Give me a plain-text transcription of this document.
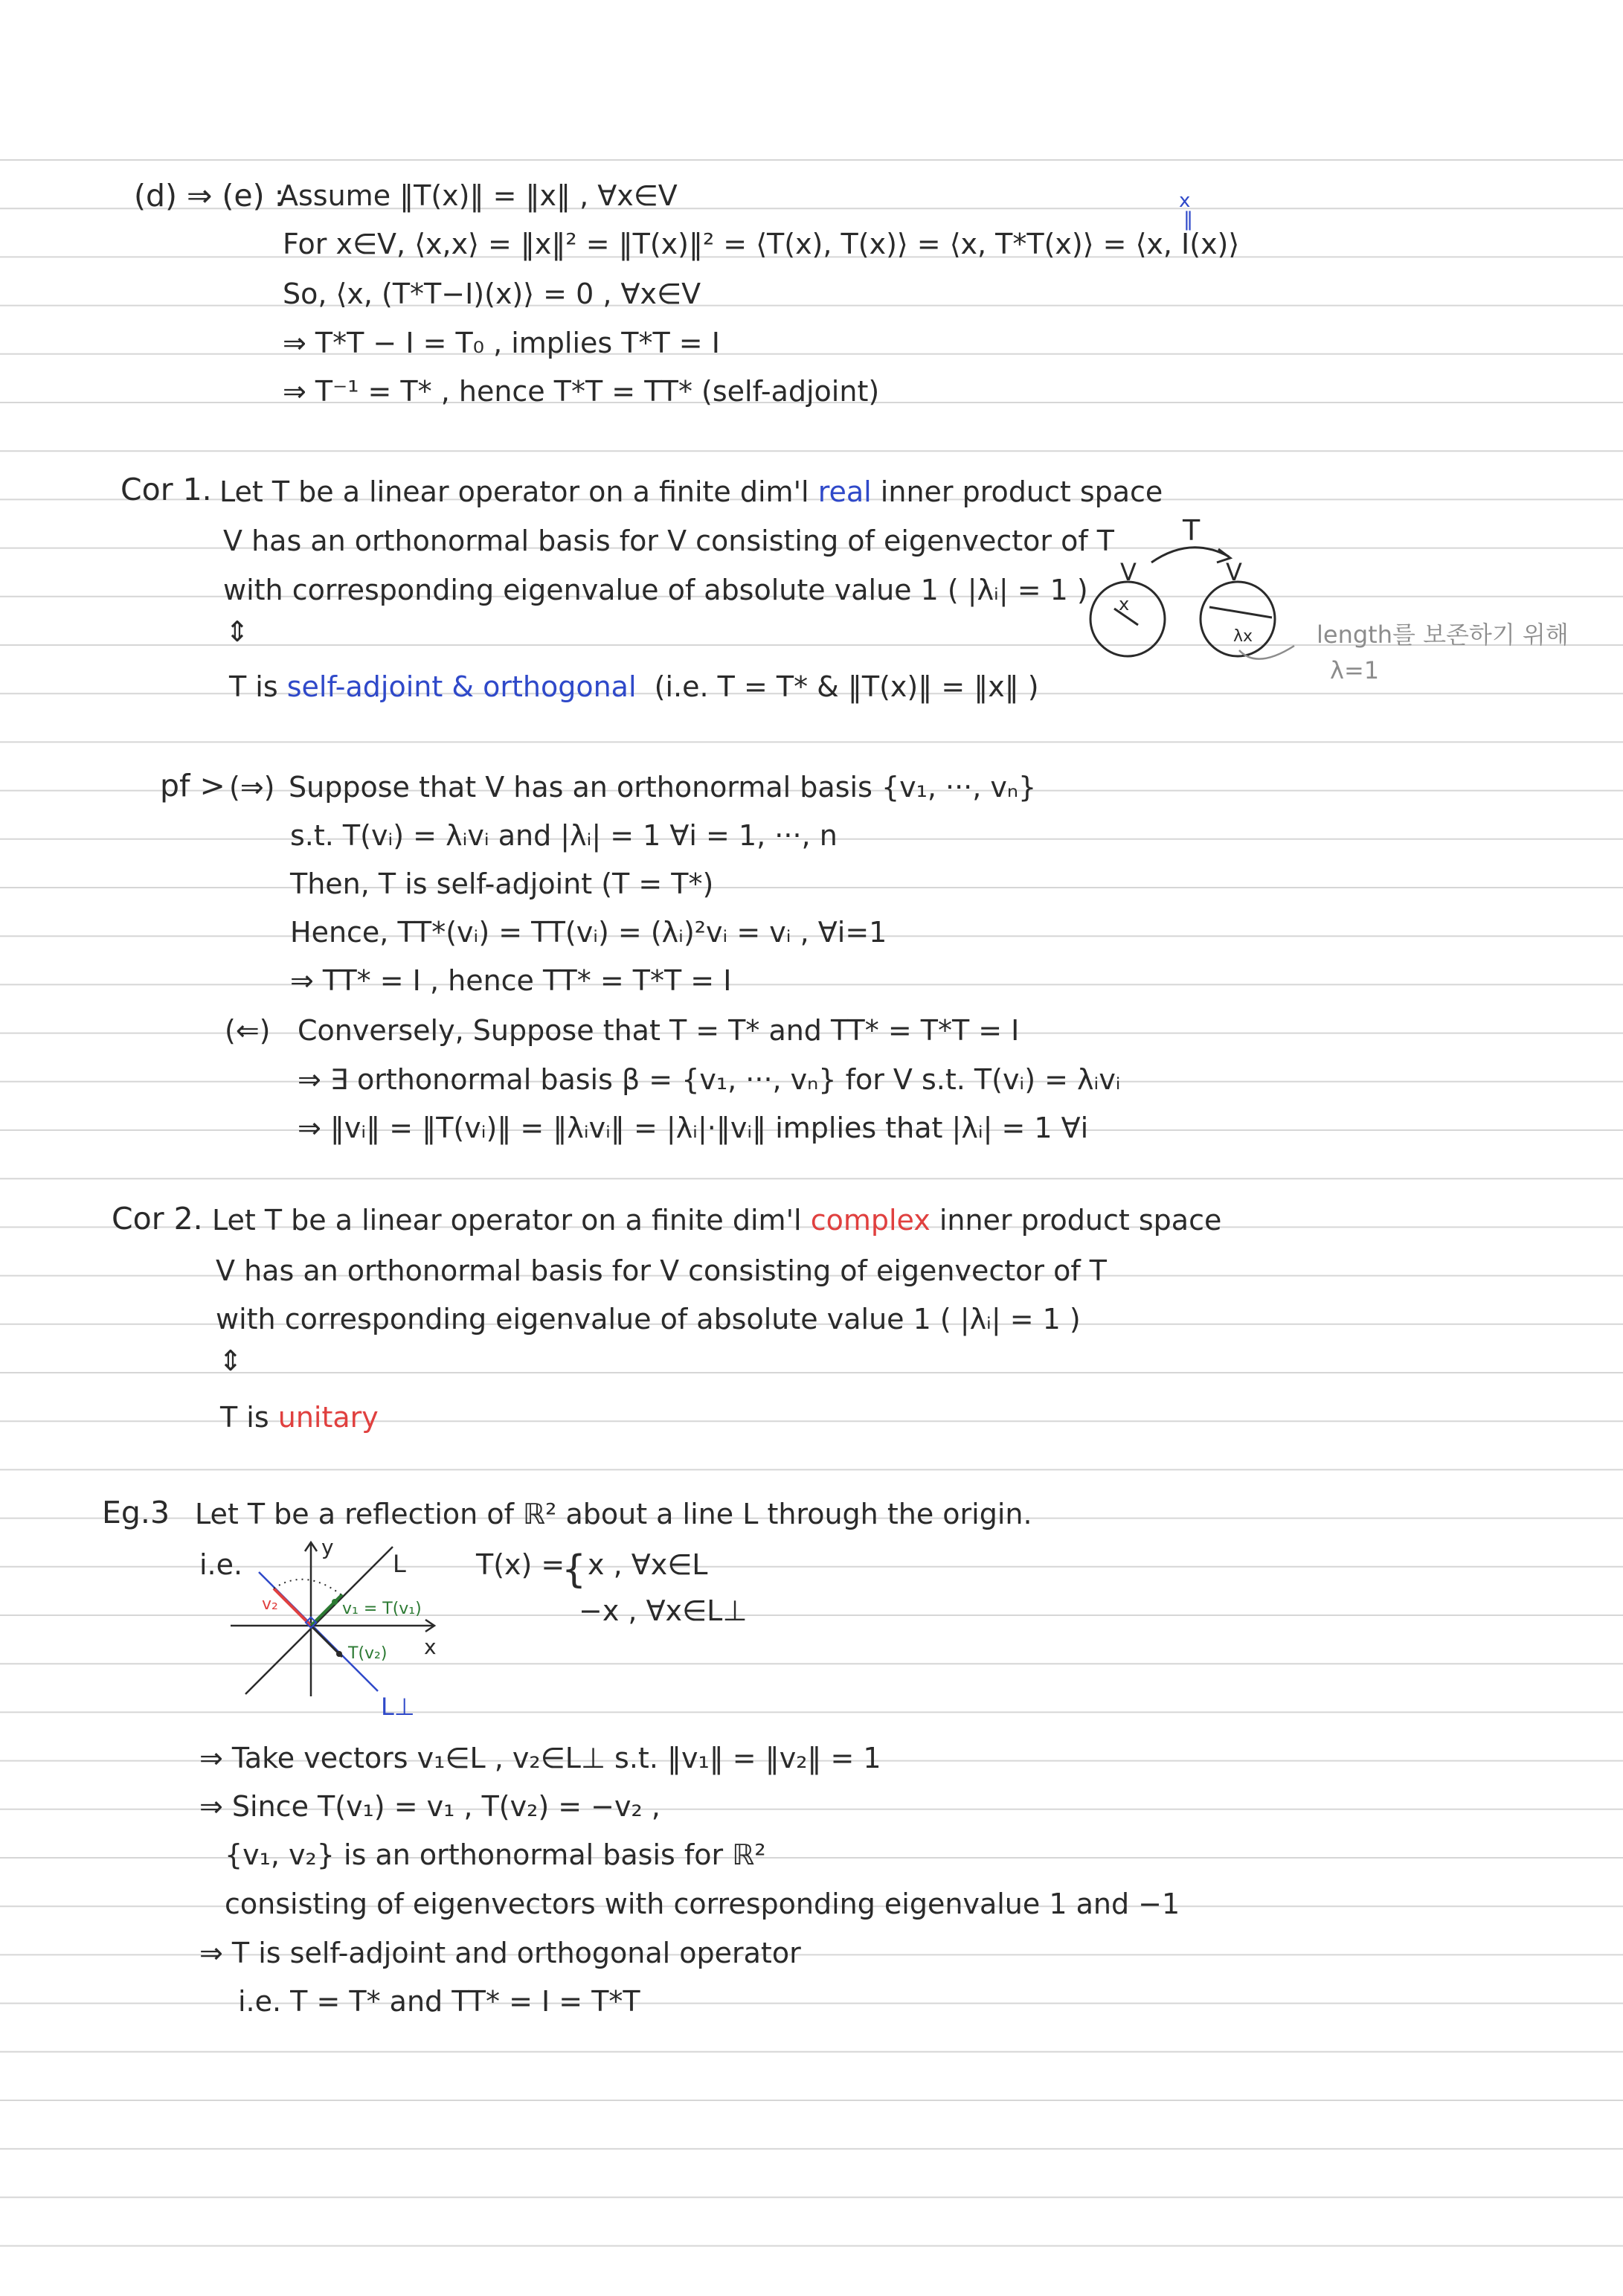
(d) ⇒ (e) :
Assume ‖T(x)‖ = ‖x‖ , ∀x∈V	x
‖
For x∈V, ⟨x,x⟩ = ‖x‖² = ‖T(x)‖² = ⟨T(x), T(x)⟩ = ⟨x, T*T(x)⟩ = ⟨x, I(x)⟩
So, ⟨x, (T*T−I)(x)⟩ = 0 , ∀x∈V
⇒ T*T − I = T₀ , implies T*T = I
⇒ T⁻¹ = T* , hence T*T = TT* (self-adjoint)
Cor 1. Let T be a linear operator on a finite dim'l real inner product space
V has an orthonormal basis for V consisting of eigenvector of T
with corresponding eigenvalue of absolute value 1 ( |λᵢ| = 1 )
⇕
T is self-adjoint & orthogonal (i.e. T = T* & ‖T(x)‖ = ‖x‖ )
T
V	V
x
λx	length를 보존하기 위해
λ=1
pf > (⇒) Suppose that V has an orthonormal basis {v₁, ···, vₙ}
s.t. T(vᵢ) = λᵢvᵢ and |λᵢ| = 1 ∀i = 1, ···, n
Then, T is self-adjoint (T = T*)
Hence, TT*(vᵢ) = TT(vᵢ) = (λᵢ)²vᵢ = vᵢ , ∀i=1
⇒ TT* = I , hence TT* = T*T = I
(⇐) Conversely, Suppose that T = T* and TT* = T*T = I
⇒ ∃ orthonormal basis β = {v₁, ···, vₙ} for V s.t. T(vᵢ) = λᵢvᵢ
⇒ ‖vᵢ‖ = ‖T(vᵢ)‖ = ‖λᵢvᵢ‖ = |λᵢ|·‖vᵢ‖ implies that |λᵢ| = 1 ∀i
Cor 2. Let T be a linear operator on a finite dim'l complex inner product space
V has an orthonormal basis for V consisting of eigenvector of T
with corresponding eigenvalue of absolute value 1 ( |λᵢ| = 1 )
⇕
T is unitary
Eg.3 Let T be a reflection of ℝ² about a line L through the origin.
i.e.	T(x) =
{ x , ∀x∈L
−x , ∀x∈L⊥
y
x
L
L⊥
v₂	v₁ = T(v₁)
T(v₂)
⇒ Take vectors v₁∈L , v₂∈L⊥ s.t. ‖v₁‖ = ‖v₂‖ = 1
⇒ Since T(v₁) = v₁ , T(v₂) = −v₂ ,
{v₁, v₂} is an orthonormal basis for ℝ²
consisting of eigenvectors with corresponding eigenvalue 1 and −1
⇒ T is self-adjoint and orthogonal operator
i.e. T = T* and TT* = I = T*T
